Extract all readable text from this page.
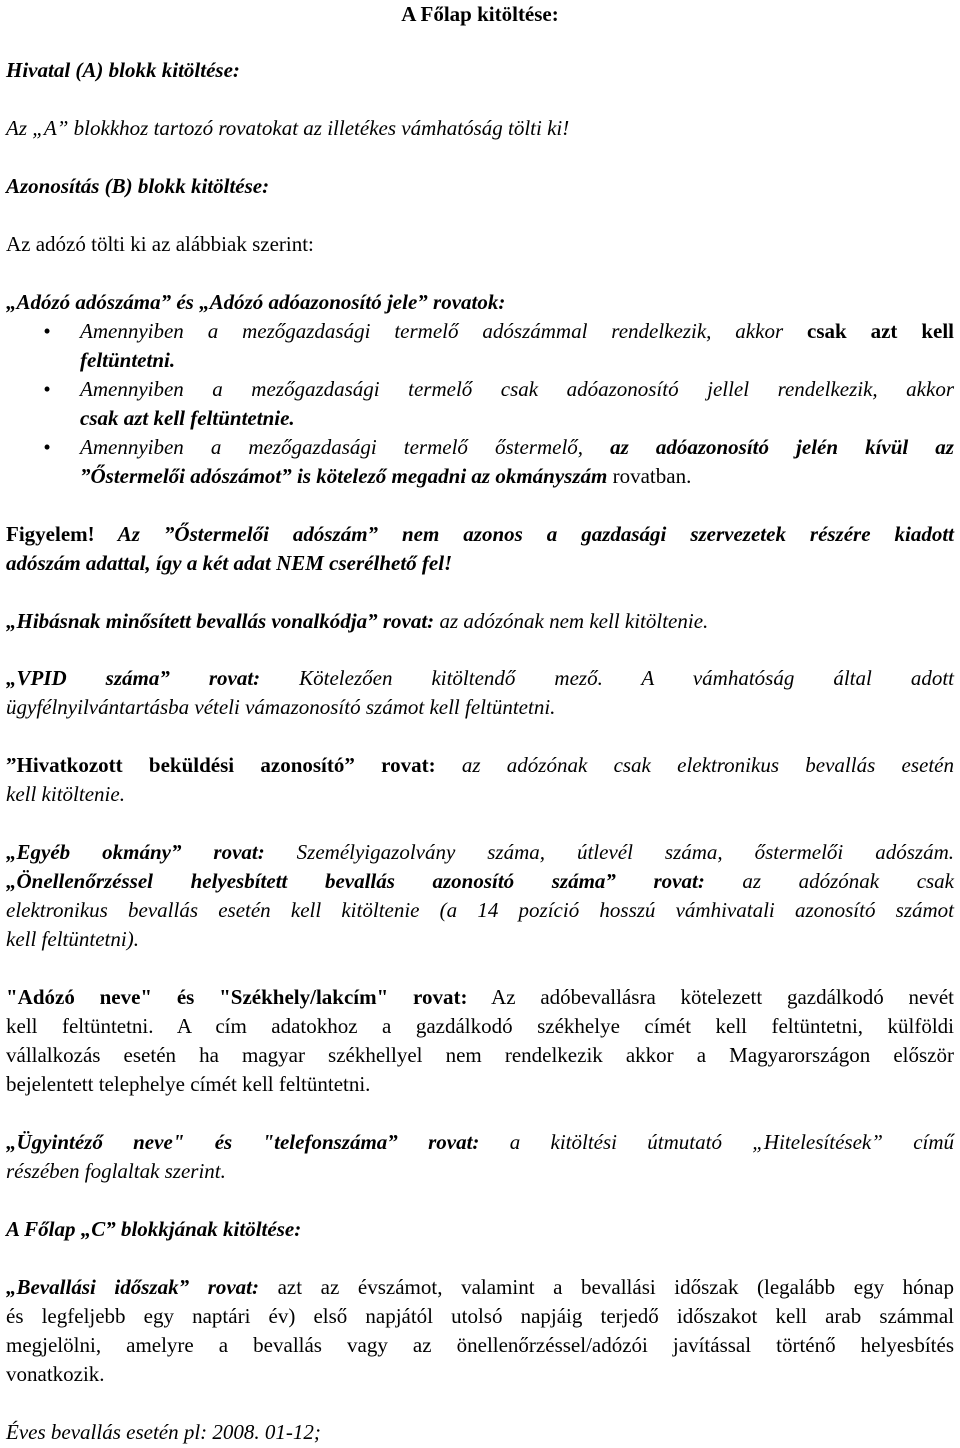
A Főlap kitöltése:
Hivatal (A) blokk kitöltése:
Az „A” blokkhoz tartozó rovatokat az illetékes vámhatóság tölti ki!
Azonosítás (B) blokk kitöltése:
Az adózó tölti ki az alábbiak szerint:
„Adózó adószáma” és „Adózó adóazonosító jele” rovatok:
• Amennyiben a mezőgazdasági termelő adószámmal rendelkezik, akkor csak azt kell
feltüntetni.
• Amennyiben a mezőgazdasági termelő csak adóazonosító jellel rendelkezik, akkor
csak azt kell feltüntetnie.
• Amennyiben a mezőgazdasági termelő őstermelő, az adóazonosító jelén kívül az
”Őstermelői adószámot” is kötelező megadni az okmányszám rovatban.
Figyelem! Az ”Őstermelői adószám” nem azonos a gazdasági szervezetek részére kiadott
adószám adattal, így a két adat NEM cserélhető fel!
„Hibásnak minősített bevallás vonalkódja” rovat: az adózónak nem kell kitöltenie.
„VPID száma” rovat: Kötelezően kitöltendő mező. A vámhatóság által adott
ügyfélnyilvántartásba vételi vámazonosító számot kell feltüntetni.
”Hivatkozott beküldési azonosító” rovat: az adózónak csak elektronikus bevallás esetén
kell kitöltenie.
„Egyéb okmány” rovat: Személyigazolvány száma, útlevél száma, őstermelői adószám.
„Önellenőrzéssel helyesbített bevallás azonosító száma” rovat: az adózónak csak
elektronikus bevallás esetén kell kitöltenie (a 14 pozíció hosszú vámhivatali azonosító számot
kell feltüntetni).
"Adózó neve" és "Székhely/lakcím" rovat: Az adóbevallásra kötelezett gazdálkodó nevét
kell feltüntetni. A cím adatokhoz a gazdálkodó székhelye címét kell feltüntetni, külföldi
vállalkozás esetén ha magyar székhellyel nem rendelkezik akkor a Magyarországon először
bejelentett telephelye címét kell feltüntetni.
„Ügyintéző neve" és "telefonszáma” rovat: a kitöltési útmutató „Hitelesítések” című
részében foglaltak szerint.
A Főlap „C” blokkjának kitöltése:
„Bevallási időszak” rovat: azt az évszámot, valamint a bevallási időszak (legalább egy hónap
és legfeljebb egy naptári év) első napjától utolsó napjáig terjedő időszakot kell arab számmal
megjelölni, amelyre a bevallás vagy az önellenőrzéssel/adózói javítással történő helyesbítés
vonatkozik.
Éves bevallás esetén pl: 2008. 01-12;
